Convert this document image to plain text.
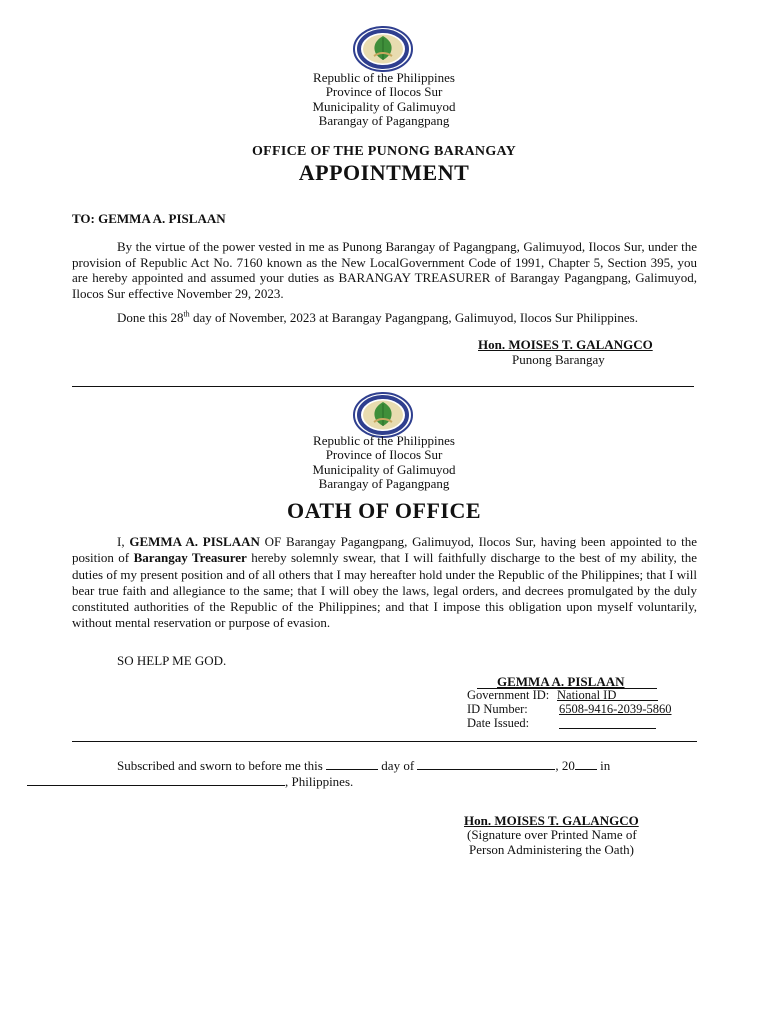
Republic of the Philippines
Province of Ilocos Sur
Municipality of Galimuyod
Barangay of Pagangpang
OFFICE OF THE PUNONG BARANGAY
APPOINTMENT
TO: GEMMA A. PISLAAN
By the virtue of the power vested in me as Punong Barangay of Pagangpang, Galimuyod, Ilocos Sur, under the provision of Republic Act No. 7160 known as the New LocalGovernment Code of 1991, Chapter 5, Section 395, you are hereby appointed and assumed your duties as BARANGAY TREASURER of Barangay Pagangpang, Galimuyod, Ilocos Sur effective November 29, 2023.
Done this 28th day of November, 2023 at Barangay Pagangpang, Galimuyod, Ilocos Sur Philippines.
Hon. MOISES T. GALANGCO
Punong Barangay
Republic of the Philippines
Province of Ilocos Sur
Municipality of Galimuyod
Barangay of Pagangpang
OATH OF OFFICE
I, GEMMA A. PISLAAN OF Barangay Pagangpang, Galimuyod, Ilocos Sur, having been appointed to the position of Barangay Treasurer hereby solemnly swear, that I will faithfully discharge to the best of my ability, the duties of my present position and of all others that I may hereafter hold under the Republic of the Philippines; that I will bear true faith and allegiance to the same; that I will obey the laws, legal orders, and decrees promulgated by the duly constituted authorities of the Republic of the Philippines; and that I impose this obligation upon myself voluntarily, without mental reservation or purpose of evasion.
SO HELP ME GOD.
GEMMA A. PISLAAN
Government ID: National ID
ID Number:	6508-9416-2039-5860
Date Issued:
Subscribed and sworn to before me this	day of	, 20 in
, Philippines.
Hon. MOISES T. GALANGCO
(Signature over Printed Name of
Person Administering the Oath)
